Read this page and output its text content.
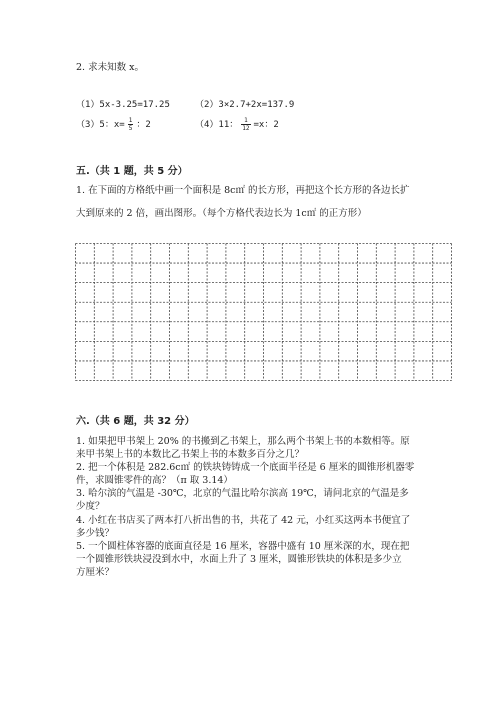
2. 求未知数 x。
（1）5x-3.25=17.25	（2）3×2.7+2x=137.9
（3）5：$x= \frac{1}{5}$ ：2	（4）11： $\frac{1}{12} =x$：2
五.（共 1 题，共 5 分）
1. 在下面的方格纸中画一个面积是 8c㎡ 的长方形，再把这个长方形的各边长扩
大到原来的 2 倍，画出图形。（每个方格代表边长为 1c㎡ 的正方形）
六.（共 6 题，共 32 分）
1. 如果把甲书架上 20% 的书搬到乙书架上，那么两个书架上书的本数相等。原
来甲书架上书的本数比乙书架上书的本数多百分之几？
2. 把一个体积是 282.6c㎡ 的铁块铸铸成一个底面半径是 6 厘米的圆锥形机器零
件，求圆锥零件的高？（π 取 3.14）
3. 哈尔滨的气温是 -30℃，北京的气温比哈尔滨高 19℃，请问北京的气温是多
少度？
4. 小红在书店买了两本打八折出售的书，共花了 42 元，小红买这两本书便宜了
多少钱？
5. 一个圆柱体容器的底面直径是 16 厘米，容器中盛有 10 厘米深的水，现在把
一个圆锥形铁块浸没到水中，水面上升了 3 厘米，圆锥形铁块的体积是多少立
方厘米？
